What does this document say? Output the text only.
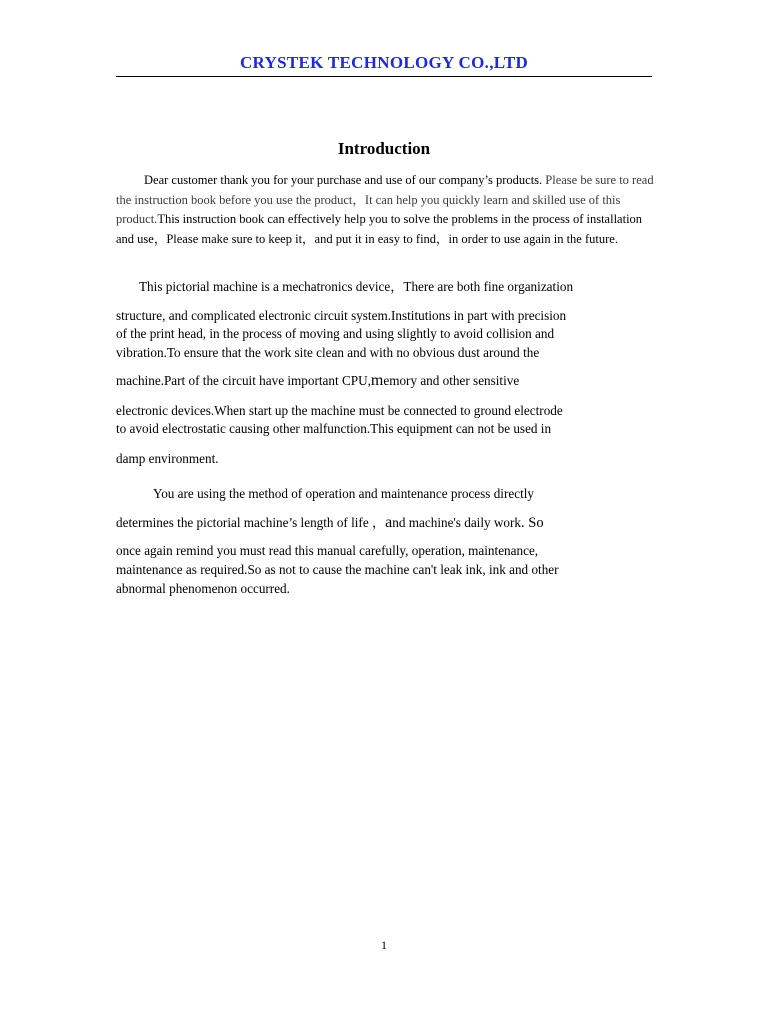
CRYSTEK TECHNOLOGY CO.,LTD
Introduction

Dear customer thank you for your purchase and use of our company’s products. Please be sure to read the instruction book before you use the product，It can help you quickly learn and skilled use of this product.This instruction book can effectively help you to solve the problems in the process of installation and use，Please make sure to keep it，and put it in easy to find，in order to use again in the future.

This pictorial machine is a mechatronics device，There are both fine organization

structure, and complicated electronic circuit system.Institutions in part with precision

of the print head, in the process of moving and using slightly to avoid collision and

vibration.To ensure that the work site clean and with no obvious dust around the

machine.Part of the circuit have important CPU,memory and other sensitive

electronic devices.When start up the machine must be connected to ground electrode

to avoid electrostatic causing other malfunction.This equipment can not be used in

damp environment.

You are using the method of operation and maintenance process directly

determines the pictorial machine’s length of life ，and machine's daily work. So

once again remind you must read this manual carefully, operation, maintenance,

maintenance as required.So as not to cause the machine can't leak ink, ink and other

abnormal phenomenon occurred.

1
